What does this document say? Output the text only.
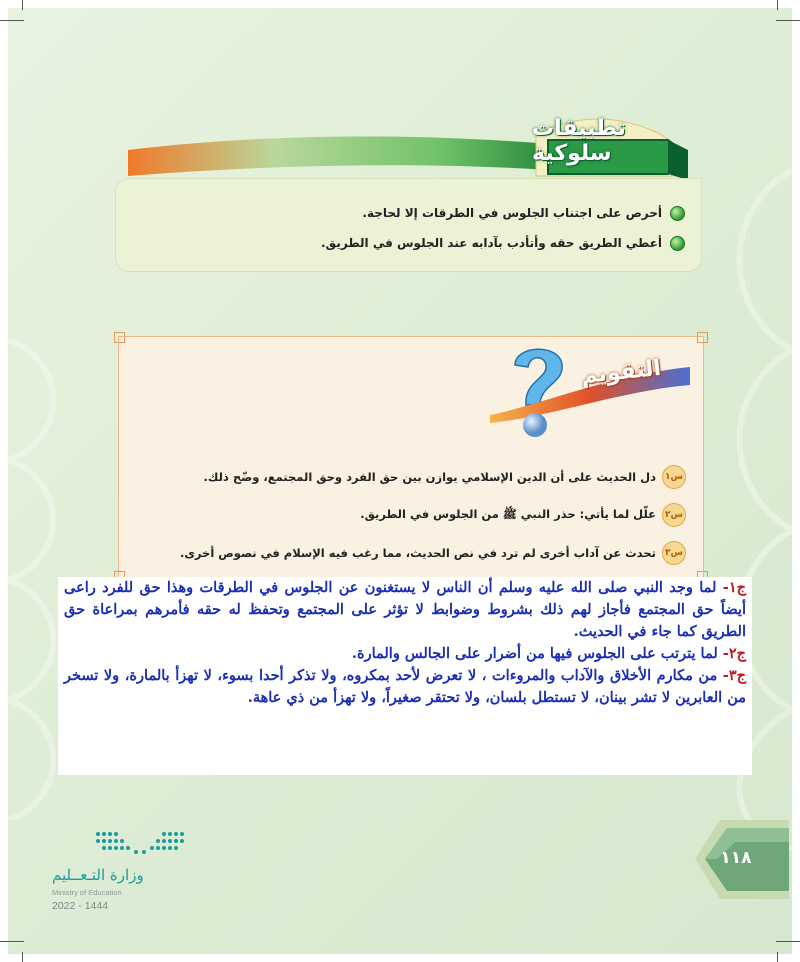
تطبيقات سلوكية
أحرص على اجتناب الجلوس في الطرقات إلا لحاجة.
أعطي الطريق حقه وأتأدب بآدابه عند الجلوس في الطريق.
التقويم
س١
دل الحديث على أن الدين الإسلامي يوازن بين حق الفرد وحق المجتمع، وضّح ذلك.
س٢
علّل لما يأتي: حذر النبي ﷺ من الجلوس في الطريق.
س٣
تحدث عن آداب أخرى لم ترد في نص الحديث، مما رغب فيه الإسلام في نصوص أخرى.

ج١- لما وجد النبي صلى الله عليه وسلم أن الناس لا يستغنون عن الجلوس في الطرقات وهذا حق للفرد راعى أيضاً حق المجتمع فأجاز لهم ذلك بشروط وضوابط لا تؤثر على المجتمع وتحفظ له حقه فأمرهم بمراعاة حق الطريق كما جاء في الحديث.

ج٢- لما يترتب على الجلوس فيها من أضرار على الجالس والمارة.

ج٣- من مكارم الأخلاق والآداب والمروءات ، لا تعرض لأحد بمكروه، ولا تذكر أحدا بسوء، لا تهزأ بالمارة، ولا تسخر من العابرين لا تشر بينان، لا تستطل بلسان، ولا تحتقر صغيراً، ولا تهزأ من ذي عاهة.

وزارة التـعــليم
Ministry of Education
2022 - 1444
١١٨
